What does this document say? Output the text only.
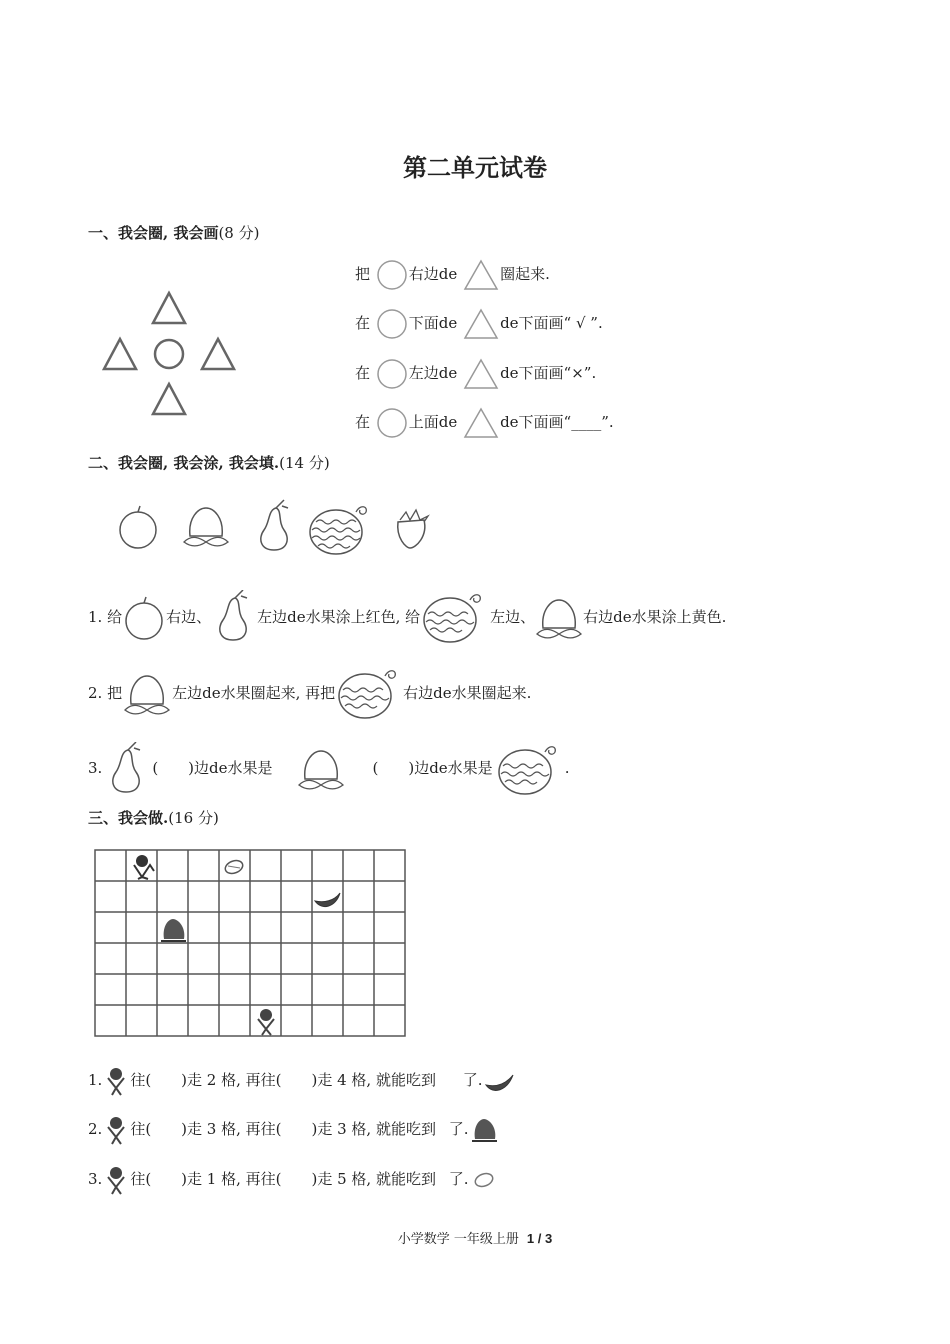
第二单元试卷
一、我会圈, 我会画(8 分)
把	右边de	圈起来.
在	下面de	de下面画“ √ ”.
在	左边de	de下面画“×”.
在	上面de	de下面画“____”.
二、我会圈, 我会涂, 我会填.(14 分)
1. 给	右边、	左边de水果涂上红色, 给	左边、	右边de水果涂上黄色.
2. 把	左边de水果圈起来, 再把	右边de水果圈起来.
3.	(　　)边de水果是	(　　)边de水果是	.
三、我会做.(16 分)
1. 往(　　)走 2 格, 再往(　　)走 4 格, 就能吃到 了.
2. 往(　　)走 3 格, 再往(　　)走 3 格, 就能吃到 了.
3. 往(　　)走 1 格, 再往(　　)走 5 格, 就能吃到 了.
小学数学 一年级上册 1 / 3
